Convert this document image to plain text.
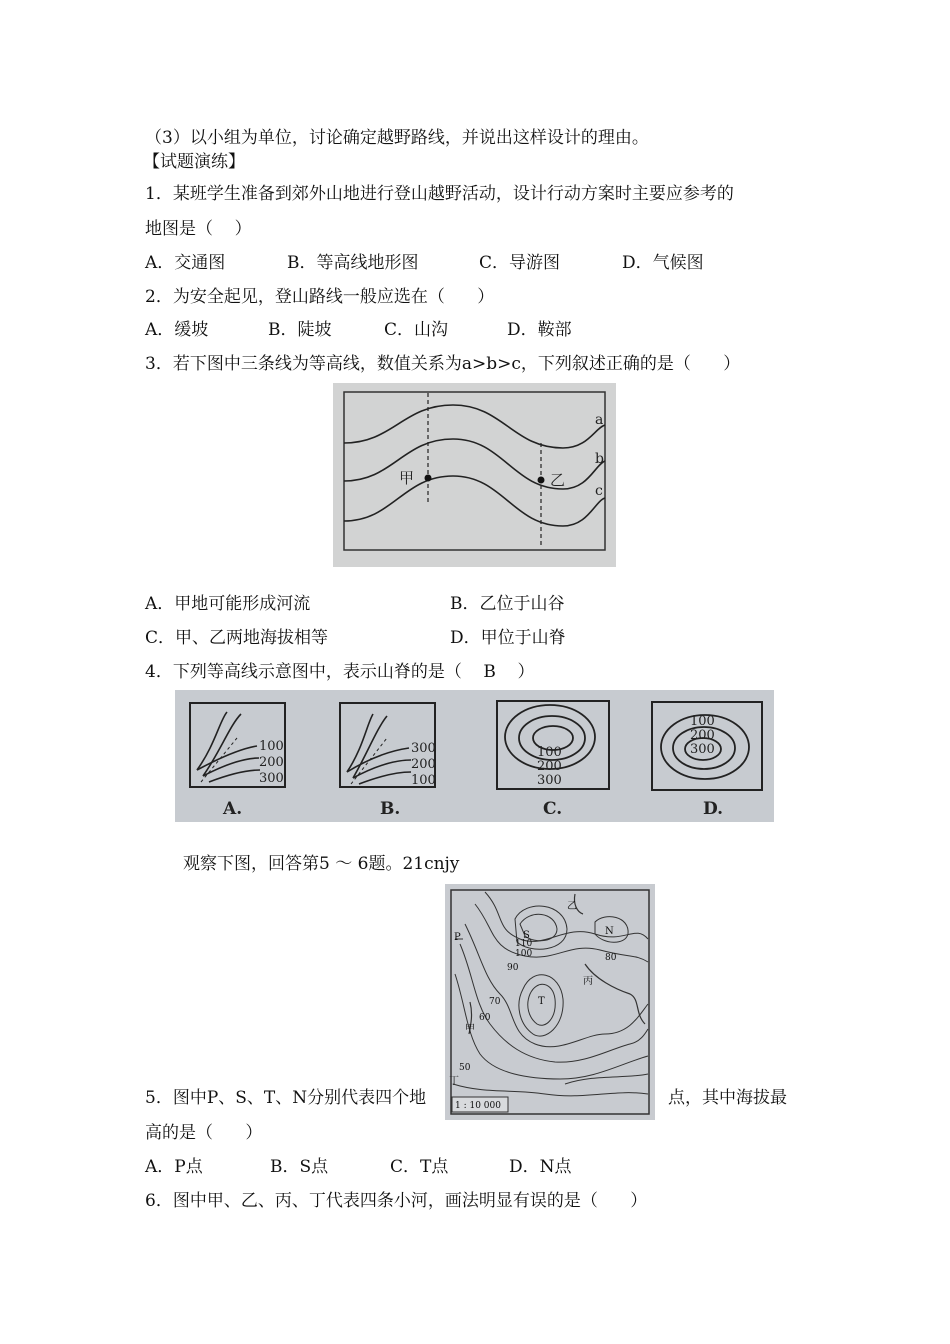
（3）以小组为单位，讨论确定越野路线，并说出这样设计的理由。
【试题演练】
1．某班学生准备到郊外山地进行登山越野活动，设计行动方案时主要应参考的
地图是（    ）
A．交通图	B．等高线地形图	C．导游图	D．气候图
2．为安全起见，登山路线一般应选在（      ）
A．缓坡	B．陡坡	C．山沟	D．鞍部
3．若下图中三条线为等高线，数值关系为a>b>c，下列叙述正确的是（      ）
甲	乙
a
b
c
A．甲地可能形成河流	B．乙位于山谷
C．甲、乙两地海拔相等	D．甲位于山脊
4．下列等高线示意图中，表示山脊的是（    B    ）
100
200
300
A.
300
200
100
B.
100
200
300
C.
100
200
300
D.
观察下图，回答第5 ～ 6题。21cnjy
P	S
T
N
甲
乙
丙
丁
110
100
90
80
70
60
50
1 : 10 000
5．图中P、S、T、N分别代表四个地	点，其中海拔最
高的是（      ）
A．P点	B．S点	C．T点	D．N点
6．图中甲、乙、丙、丁代表四条小河，画法明显有误的是（      ）
